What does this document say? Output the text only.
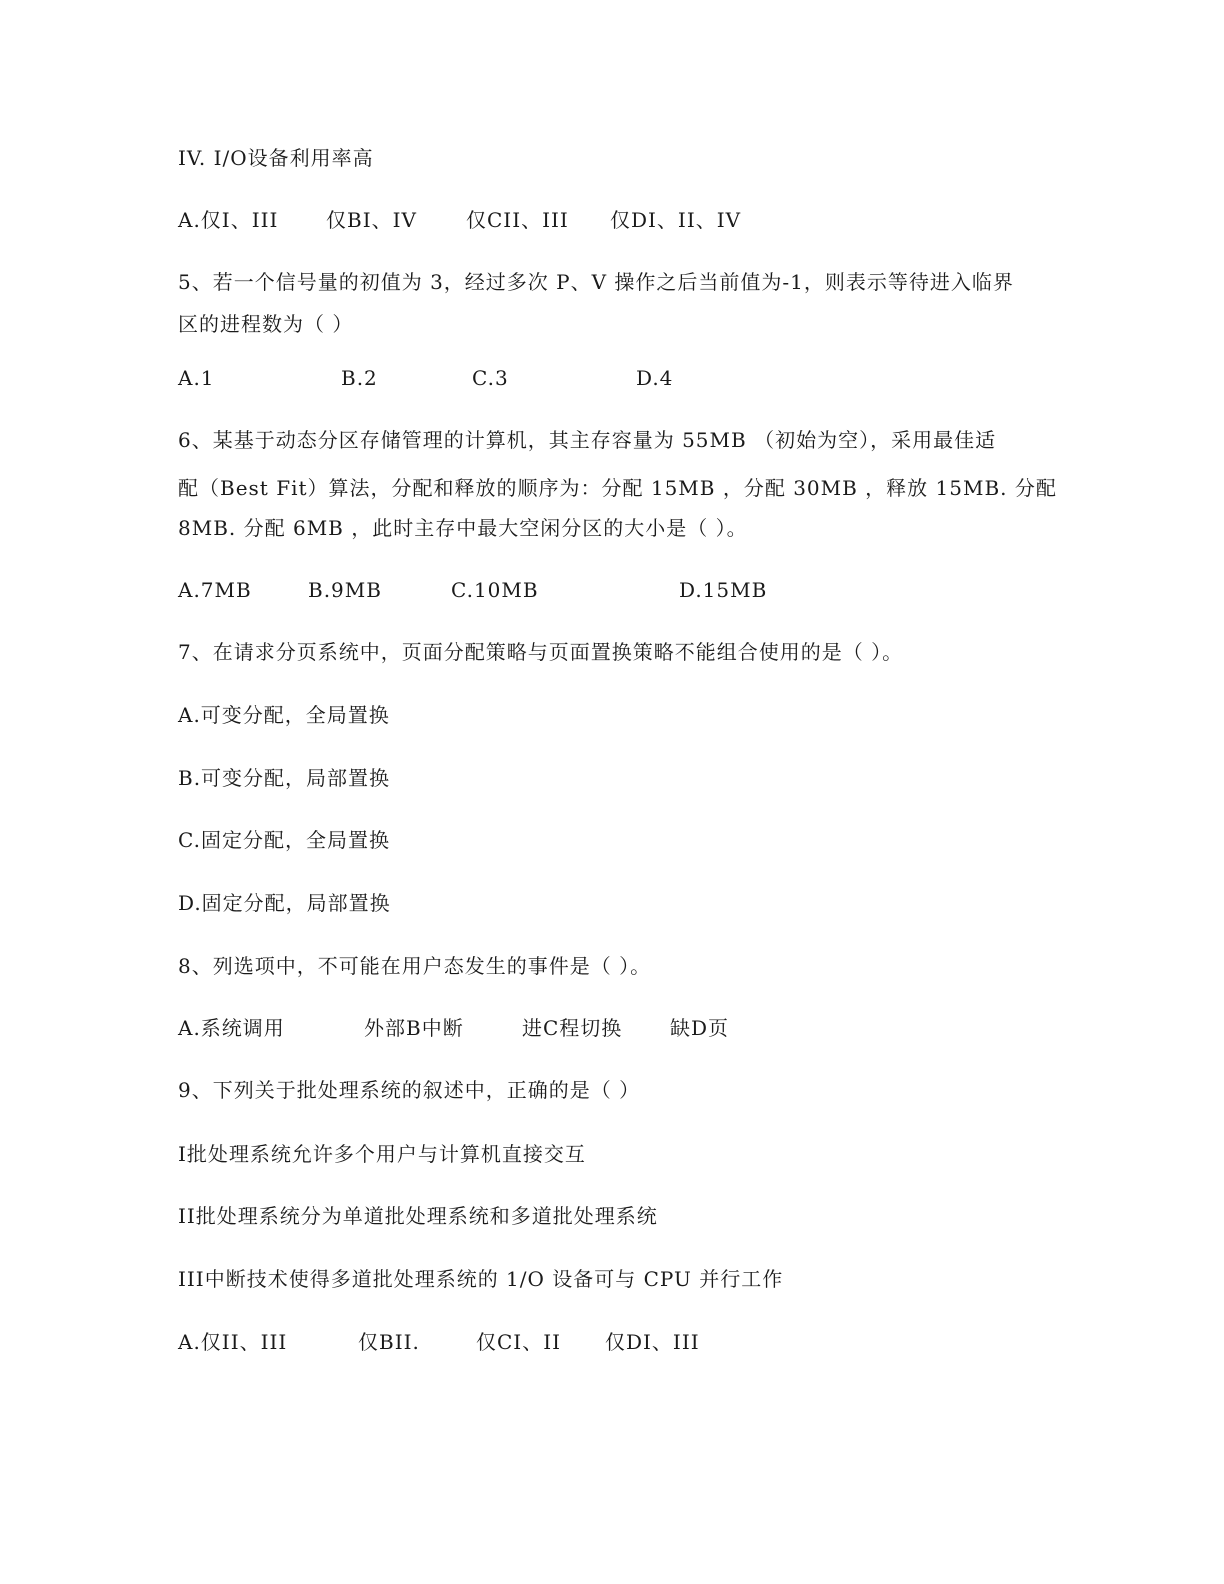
IV. I/O设备利用率高
A.仅I、III 仅BI、IV 仅CII、III 仅DI、II、IV
5、若一个信号量的初值为 3，经过多次 P、V 操作之后当前值为-1，则表示等待进入临界
区的进程数为（ ）
A.1	B.2	C.3	D.4
6、某基于动态分区存储管理的计算机，其主存容量为 55MB （初始为空），采用最佳适
配（Best Fit）算法，分配和释放的顺序为：分配 15MB ，分配 30MB ，释放 15MB. 分配
8MB. 分配 6MB ，此时主存中最大空闲分区的大小是（ ）。
A.7MB	B.9MB	C.10MB	D.15MB
7、在请求分页系统中，页面分配策略与页面置换策略不能组合使用的是（ ）。
A.可变分配，全局置换
B.可变分配，局部置换
C.固定分配，全局置换
D.固定分配，局部置换
8、列选项中，不可能在用户态发生的事件是（ ）。
A.系统调用	外部B中断	进C程切换 缺D页
9、下列关于批处理系统的叙述中，正确的是（ ）
I批处理系统允许多个用户与计算机直接交互
II批处理系统分为单道批处理系统和多道批处理系统
III中断技术使得多道批处理系统的 1/O 设备可与 CPU 并行工作
A.仅II、III	仅BII.	仅CI、II 仅DI、III
